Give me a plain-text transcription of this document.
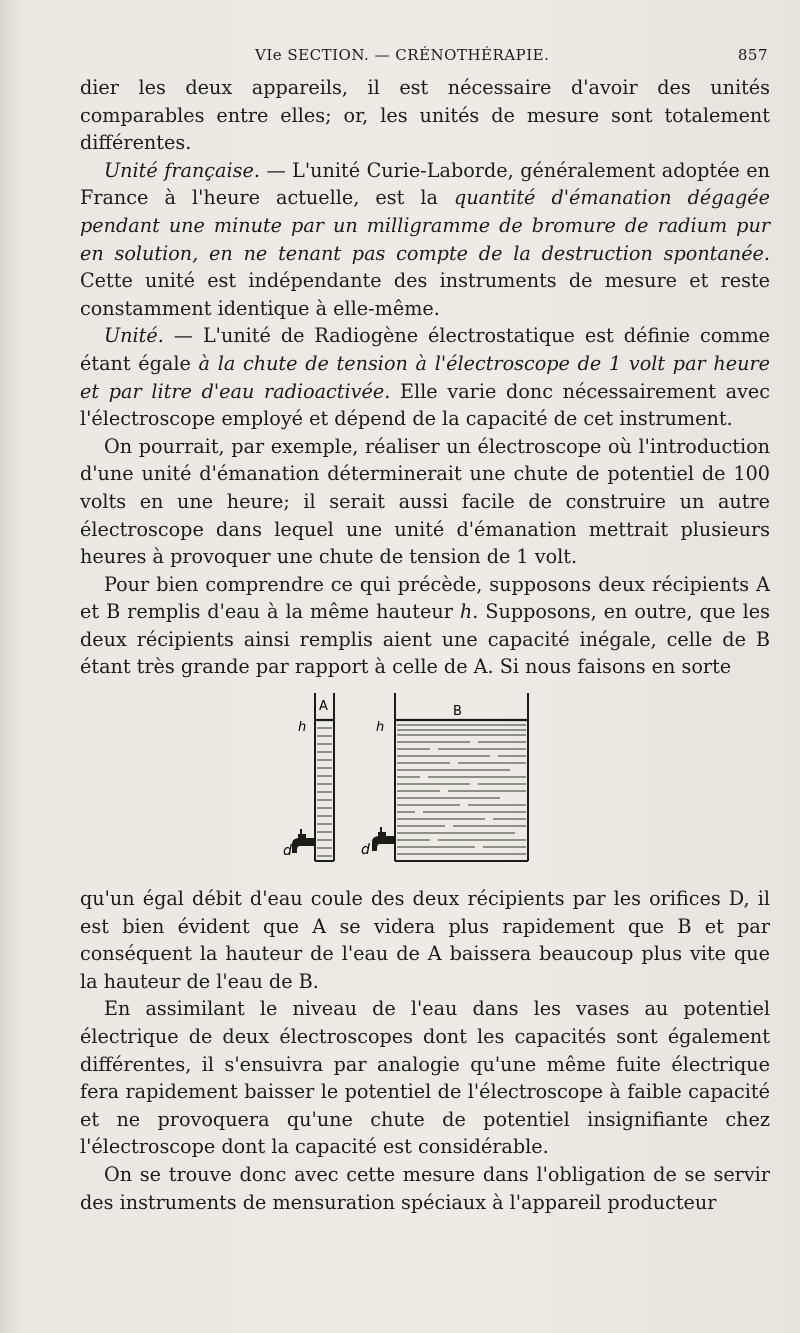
VIe SECTION. — CRÉNOTHÉRAPIE.	857

dier les deux appareils, il est nécessaire d'avoir des unités comparables entre elles; or, les unités de mesure sont totalement différentes.

Unité française. — L'unité Curie-Laborde, généralement adoptée en France à l'heure actuelle, est la quantité d'émanation dégagée pendant une minute par un milligramme de bromure de radium pur en solution, en ne tenant pas compte de la destruction spontanée. Cette unité est indépendante des instruments de mesure et reste constamment identique à elle-même.

Unité. — L'unité de Radiogène électrostatique est définie comme étant égale à la chute de tension à l'électroscope de 1 volt par heure et par litre d'eau radioactivée. Elle varie donc nécessairement avec l'électroscope employé et dépend de la capacité de cet instrument.

On pourrait, par exemple, réaliser un électroscope où l'introduction d'une unité d'émanation déterminerait une chute de potentiel de 100 volts en une heure; il serait aussi facile de construire un autre électroscope dans lequel une unité d'émanation mettrait plusieurs heures à provoquer une chute de tension de 1 volt.

Pour bien comprendre ce qui précède, supposons deux récipients A et B remplis d'eau à la même hauteur h. Supposons, en outre, que les deux récipients ainsi remplis aient une capacité inégale, celle de B étant très grande par rapport à celle de A. Si nous faisons en sorte

d
A
h
d
B
h

qu'un égal débit d'eau coule des deux récipients par les orifices D, il est bien évident que A se videra plus rapidement que B et par conséquent la hauteur de l'eau de A baissera beaucoup plus vite que la hauteur de l'eau de B.

En assimilant le niveau de l'eau dans les vases au potentiel électrique de deux électroscopes dont les capacités sont également différentes, il s'ensuivra par analogie qu'une même fuite électrique fera rapidement baisser le potentiel de l'électroscope à faible capacité et ne provoquera qu'une chute de potentiel insignifiante chez l'électroscope dont la capacité est considérable.

On se trouve donc avec cette mesure dans l'obligation de se servir des instruments de mensuration spéciaux à l'appareil producteur
